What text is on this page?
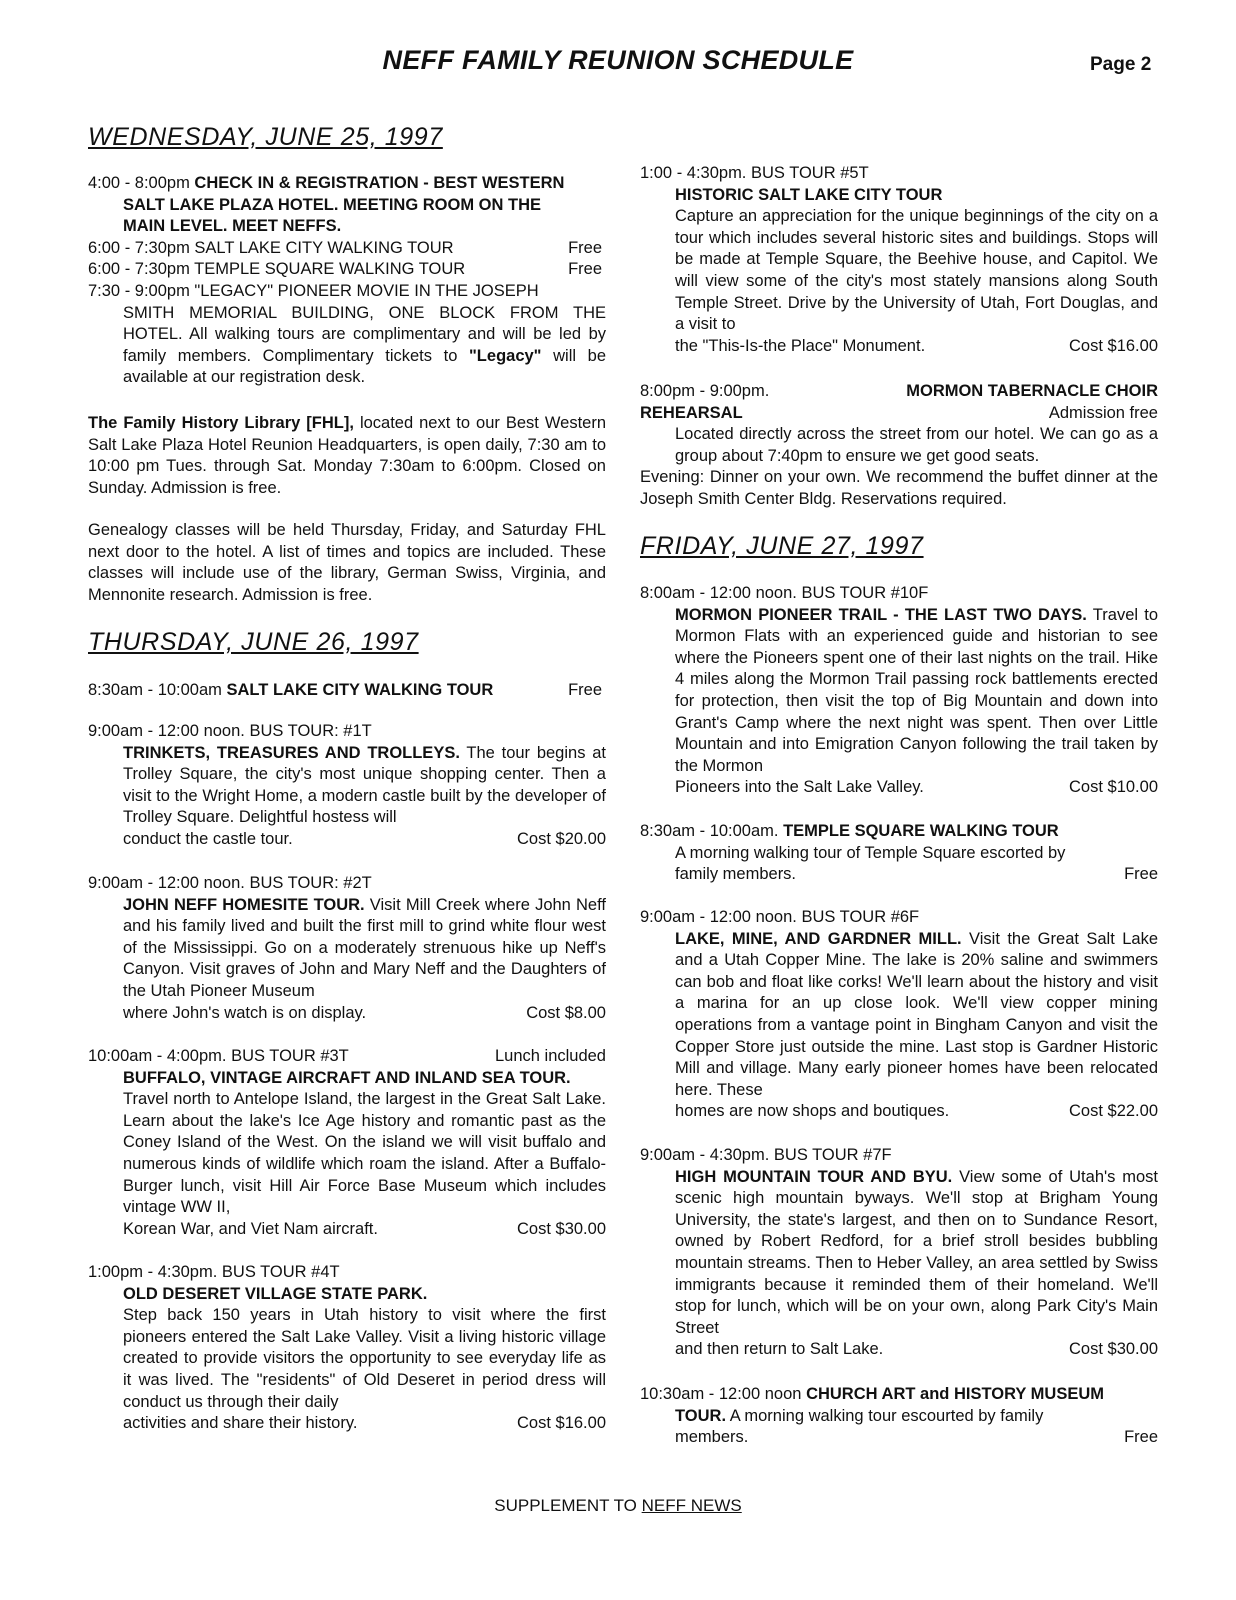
NEFF FAMILY REUNION SCHEDULE	Page 2
WEDNESDAY, JUNE 25, 1997
4:00 - 8:00pm CHECK IN & REGISTRATION - BEST WESTERN
SALT LAKE PLAZA HOTEL. MEETING ROOM ON THE
MAIN LEVEL. MEET NEFFS.
6:00 - 7:30pm SALT LAKE CITY WALKING TOUR	Free
6:00 - 7:30pm TEMPLE SQUARE WALKING TOUR	Free
7:30 - 9:00pm "LEGACY" PIONEER MOVIE IN THE JOSEPH
SMITH MEMORIAL BUILDING, ONE BLOCK FROM THE HOTEL. All walking tours are complimentary and will be led by family members. Complimentary tickets to "Legacy" will be available at our registration desk.
The Family History Library [FHL], located next to our Best Western Salt Lake Plaza Hotel Reunion Headquarters, is open daily, 7:30 am to 10:00 pm Tues. through Sat. Monday 7:30am to 6:00pm. Closed on Sunday. Admission is free.
Genealogy classes will be held Thursday, Friday, and Saturday FHL next door to the hotel. A list of times and topics are included. These classes will include use of the library, German Swiss, Virginia, and Mennonite research. Admission is free.
THURSDAY, JUNE 26, 1997
8:30am - 10:00am SALT LAKE CITY WALKING TOUR	Free
9:00am - 12:00 noon. BUS TOUR: #1T
TRINKETS, TREASURES AND TROLLEYS. The tour begins at Trolley Square, the city's most unique shopping center. Then a visit to the Wright Home, a modern castle built by the developer of Trolley Square. Delightful hostess will
conduct the castle tour.	Cost $20.00
9:00am - 12:00 noon. BUS TOUR: #2T
JOHN NEFF HOMESITE TOUR. Visit Mill Creek where John Neff and his family lived and built the first mill to grind white flour west of the Mississippi. Go on a moderately strenuous hike up Neff's Canyon. Visit graves of John and Mary Neff and the Daughters of the Utah Pioneer Museum
where John's watch is on display.	Cost $8.00
10:00am - 4:00pm. BUS TOUR #3T	Lunch included
BUFFALO, VINTAGE AIRCRAFT AND INLAND SEA TOUR.
Travel north to Antelope Island, the largest in the Great Salt Lake. Learn about the lake's Ice Age history and romantic past as the Coney Island of the West. On the island we will visit buffalo and numerous kinds of wildlife which roam the island. After a Buffalo-Burger lunch, visit Hill Air Force Base Museum which includes vintage WW II,
Korean War, and Viet Nam aircraft.	Cost $30.00
1:00pm - 4:30pm. BUS TOUR #4T
OLD DESERET VILLAGE STATE PARK.
Step back 150 years in Utah history to visit where the first pioneers entered the Salt Lake Valley. Visit a living historic village created to provide visitors the opportunity to see everyday life as it was lived. The "residents" of Old Deseret in period dress will conduct us through their daily
activities and share their history.	Cost $16.00
1:00 - 4:30pm. BUS TOUR #5T
HISTORIC SALT LAKE CITY TOUR
Capture an appreciation for the unique beginnings of the city on a tour which includes several historic sites and buildings. Stops will be made at Temple Square, the Beehive house, and Capitol. We will view some of the city's most stately mansions along South Temple Street. Drive by the University of Utah, Fort Douglas, and a visit to
the "This-Is-the Place" Monument.	Cost $16.00
8:00pm - 9:00pm.	MORMON TABERNACLE CHOIR
REHEARSAL	Admission free
Located directly across the street from our hotel. We can go as a group about 7:40pm to ensure we get good seats.
Evening: Dinner on your own. We recommend the buffet dinner at the Joseph Smith Center Bldg. Reservations required.
FRIDAY, JUNE 27, 1997
8:00am - 12:00 noon. BUS TOUR #10F
MORMON PIONEER TRAIL - THE LAST TWO DAYS. Travel to Mormon Flats with an experienced guide and historian to see where the Pioneers spent one of their last nights on the trail. Hike 4 miles along the Mormon Trail passing rock battlements erected for protection, then visit the top of Big Mountain and down into Grant's Camp where the next night was spent. Then over Little Mountain and into Emigration Canyon following the trail taken by the Mormon
Pioneers into the Salt Lake Valley.	Cost $10.00
8:30am - 10:00am. TEMPLE SQUARE WALKING TOUR
A morning walking tour of Temple Square escorted by
family members.	Free
9:00am - 12:00 noon. BUS TOUR #6F
LAKE, MINE, AND GARDNER MILL. Visit the Great Salt Lake and a Utah Copper Mine. The lake is 20% saline and swimmers can bob and float like corks! We'll learn about the history and visit a marina for an up close look. We'll view copper mining operations from a vantage point in Bingham Canyon and visit the Copper Store just outside the mine. Last stop is Gardner Historic Mill and village. Many early pioneer homes have been relocated here. These
homes are now shops and boutiques.	Cost $22.00
9:00am - 4:30pm. BUS TOUR #7F
HIGH MOUNTAIN TOUR AND BYU. View some of Utah's most scenic high mountain byways. We'll stop at Brigham Young University, the state's largest, and then on to Sundance Resort, owned by Robert Redford, for a brief stroll besides bubbling mountain streams. Then to Heber Valley, an area settled by Swiss immigrants because it reminded them of their homeland. We'll stop for lunch, which will be on your own, along Park City's Main Street
and then return to Salt Lake.	Cost $30.00
10:30am - 12:00 noon CHURCH ART and HISTORY MUSEUM
TOUR. A morning walking tour escourted by family
members.	Free
SUPPLEMENT TO NEFF NEWS
